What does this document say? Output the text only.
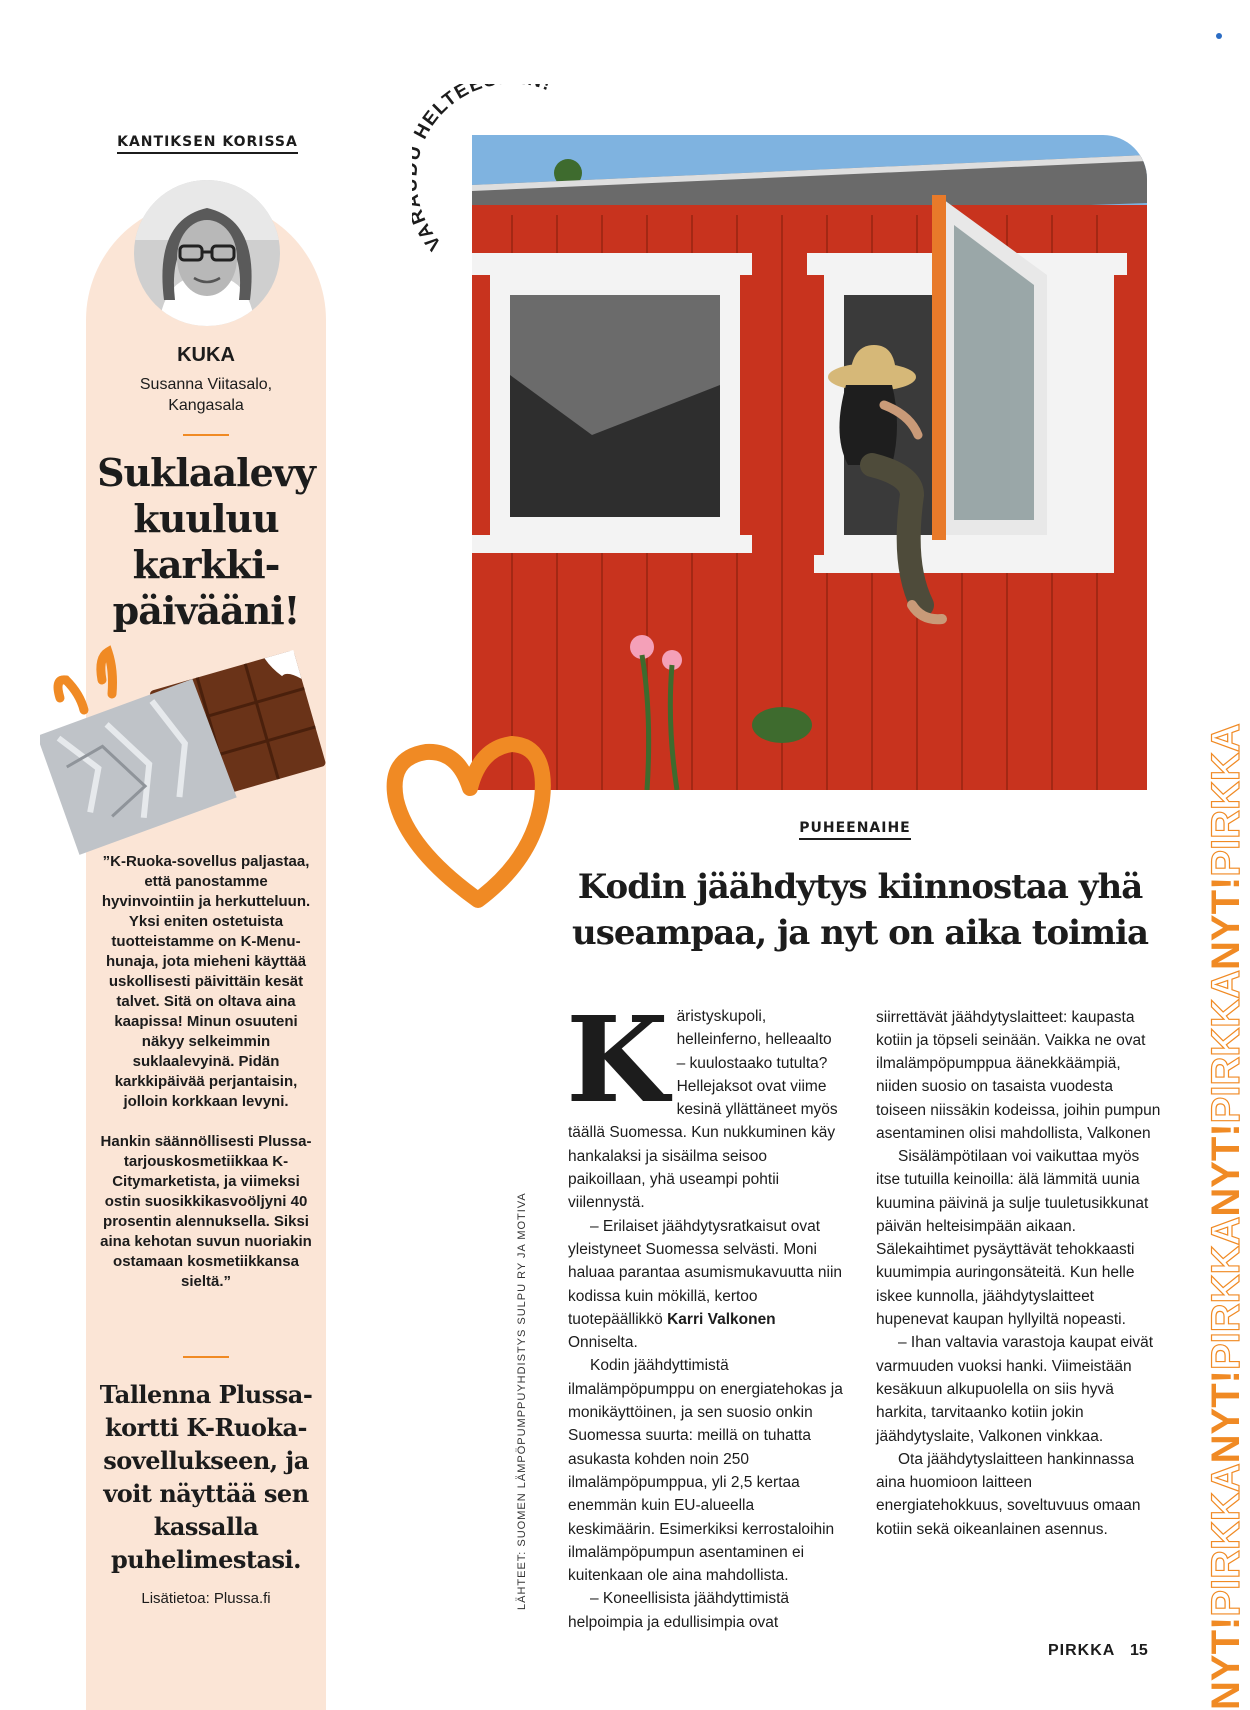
KANTIKSEN KORISSA
KUKA
Susanna Viitasalo,
Kangasala
Suklaalevy
kuuluu
karkki-
päivääni!
”K-Ruoka-sovellus paljastaa, että panostamme hyvinvointiin ja herkutteluun. Yksi eniten ostetuista tuotteistamme on K-Menu-hunaja, jota mieheni käyttää uskollisesti päivittäin kesät talvet. Sitä on oltava aina kaapissa! Minun osuuteni näkyy selkeimmin suklaalevyinä. Pidän karkkipäivää perjantaisin, jolloin korkkaan levyni.
Hankin säännöllisesti Plussa-tarjouskosmetiikkaa K-Citymarketista, ja viimeksi ostin suosikkikasvoöljyni 40 prosentin alennuksella. Siksi aina kehotan suvun nuoriakin ostamaan kosmetiikkansa sieltä.”
Tallenna Plussa-kortti K-Ruoka-sovellukseen, ja voit näyttää sen kassalla puhelimestasi.
Lisätietoa: Plussa.fi
VA HELTEE !
PUHEENAIHE
Kodin jäähdytys kiinnostaa yhä
useampaa, ja nyt on aika toimia
Käristyskupoli, helleinferno, helleaalto – kuulostaako tutulta? Hellejaksot ovat viime kesinä yllättäneet myös täällä Suomessa. Kun nukkuminen käy hankalaksi ja sisäilma seisoo paikoillaan, yhä useampi pohtii viilennystä.
– Erilaiset jäähdytysratkaisut ovat yleistyneet Suomessa selvästi. Moni haluaa parantaa asumismukavuutta niin kodissa kuin mökillä, kertoo tuotepäällikkö Karri Valkonen Onniselta.
Kodin jäähdyttimistä ilmalämpöpumppu on energiatehokas ja monikäyttöinen, ja sen suosio onkin Suomessa suurta: meillä on tuhatta asukasta kohden noin 250 ilmalämpöpumppua, yli 2,5 kertaa enemmän kuin EU-alueella keskimäärin. Esimerkiksi kerrostaloihin ilmalämpöpumpun asentaminen ei kuitenkaan ole aina mahdollista.
– Koneellisista jäähdyttimistä helpoimpia ja edullisimpia ovat
siirrettävät jäähdytyslaitteet: kaupasta kotiin ja töpseli seinään. Vaikka ne ovat ilmalämpöpumppua äänekkäämpiä, niiden suosio on tasaista vuodesta toiseen niissäkin kodeissa, joihin pumpun asentaminen olisi mahdollista, Valkonen
Sisälämpötilaan voi vaikuttaa myös itse tutuilla keinoilla: älä lämmitä uunia kuumina päivinä ja sulje tuuletusikkunat päivän helteisimpään aikaan. Sälekaihtimet pysäyttävät tehokkaasti kuumimpia auringonsäteitä. Kun helle iskee kunnolla, jäähdytyslaitteet hupenevat kaupan hyllyiltä nopeasti.
– Ihan valtavia varastoja kaupat eivät varmuuden vuoksi hanki. Viimeistään kesäkuun alkupuolella on siis hyvä harkita, tarvitaanko kotiin jokin jäähdytyslaite, Valkonen vinkkaa.
Ota jäähdytyslaitteen hankinnassa aina huomioon laitteen energiatehokkuus, soveltuvuus omaan kotiin sekä oikeanlainen asennus.
LÄHTEET: SUOMEN LÄMPÖPUMPPUYHDISTYS SULPU RY JA MOTIVA
PIRKKA 15 NYT!PIRKKANYT!PIRKKANYT!PIRKKANYT!PIRKKA
